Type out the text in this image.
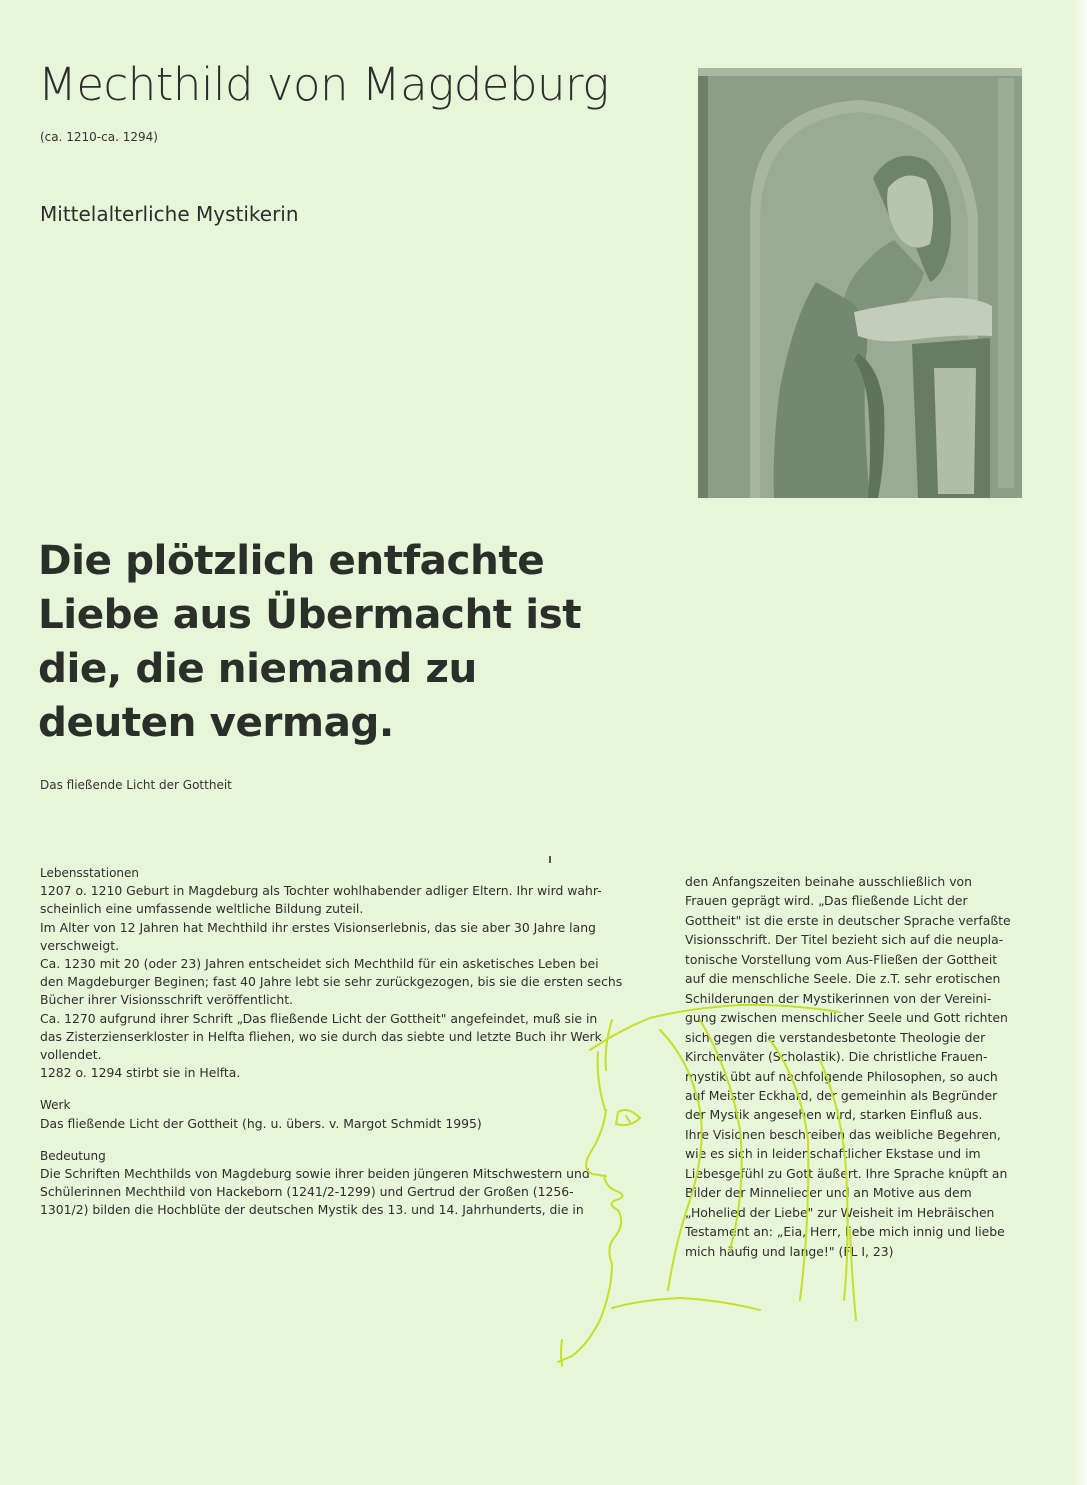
Mechthild von Magdeburg
(ca. 1210-ca. 1294)
Mittelalterliche Mystikerin
Die plötzlich entfachte
Liebe aus Übermacht ist
die, die niemand zu
deuten vermag.
Das fließende Licht der Gottheit

Lebensstationen

1207 o. 1210 Geburt in Magdeburg als Tochter wohlhabender adliger Eltern. Ihr wird wahr-

scheinlich eine umfassende weltliche Bildung zuteil.

Im Alter von 12 Jahren hat Mechthild ihr erstes Visionserlebnis, das sie aber 30 Jahre lang

verschweigt.

Ca. 1230 mit 20 (oder 23) Jahren entscheidet sich Mechthild für ein asketisches Leben bei

den Magdeburger Beginen; fast 40 Jahre lebt sie sehr zurückgezogen, bis sie die ersten sechs

Bücher ihrer Visionsschrift veröffentlicht.

Ca. 1270 aufgrund ihrer Schrift „Das fließende Licht der Gottheit" angefeindet, muß sie in

das Zisterzienserkloster in Helfta fliehen, wo sie durch das siebte und letzte Buch ihr Werk

vollendet.

1282 o. 1294 stirbt sie in Helfta.

Werk

Das fließende Licht der Gottheit (hg. u. übers. v. Margot Schmidt 1995)

Bedeutung

Die Schriften Mechthilds von Magdeburg sowie ihrer beiden jüngeren Mitschwestern und

Schülerinnen Mechthild von Hackeborn (1241/2-1299) und Gertrud der Großen (1256-

1301/2) bilden die Hochblüte der deutschen Mystik des 13. und 14. Jahrhunderts, die in

den Anfangszeiten beinahe ausschließlich von

Frauen geprägt wird. „Das fließende Licht der

Gottheit" ist die erste in deutscher Sprache verfaßte

Visionsschrift. Der Titel bezieht sich auf die neupla-

tonische Vorstellung vom Aus-Fließen der Gottheit

auf die menschliche Seele. Die z.T. sehr erotischen

Schilderungen der Mystikerinnen von der Vereini-

gung zwischen menschlicher Seele und Gott richten

sich gegen die verstandesbetonte Theologie der

Kirchenväter (Scholastik). Die christliche Frauen-

mystik übt auf nachfolgende Philosophen, so auch

auf Meister Eckhard, der gemeinhin als Begründer

der Mystik angesehen wird, starken Einfluß aus.

Ihre Visionen beschreiben das weibliche Begehren,

wie es sich in leidenschaftlicher Ekstase und im

Liebesgefühl zu Gott äußert. Ihre Sprache knüpft an

Bilder der Minnelieder und an Motive aus dem

„Hohelied der Liebe" zur Weisheit im Hebräischen

Testament an: „Eia, Herr, liebe mich innig und liebe

mich häufig und lange!" (FL I, 23)
